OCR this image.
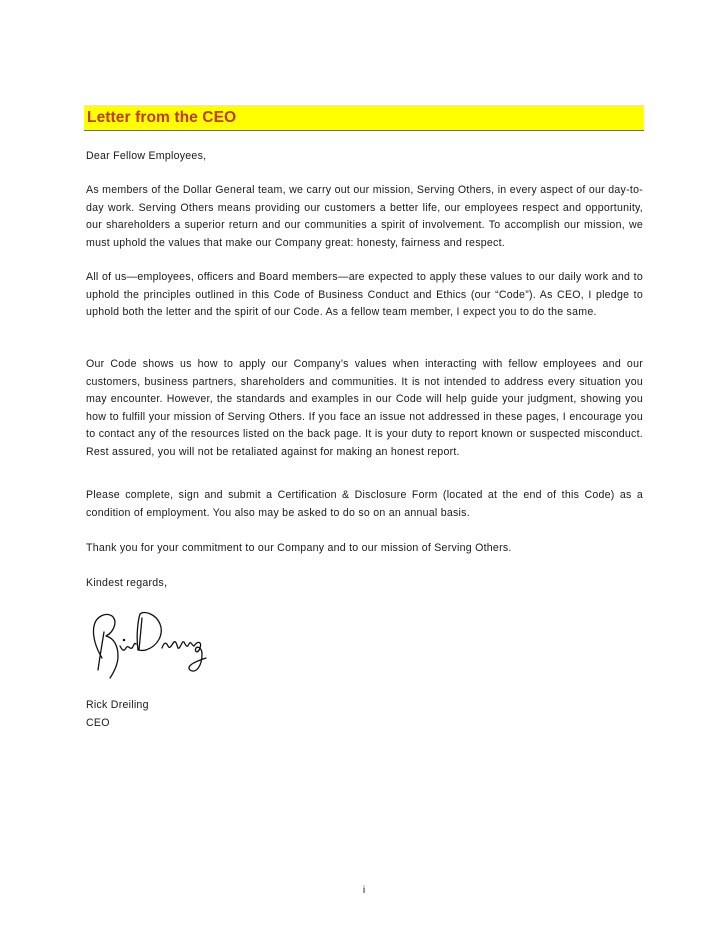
Letter from the CEO
Dear Fellow Employees,
As members of the Dollar General team, we carry out our mission, Serving Others, in every aspect of our day-to-day work. Serving Others means providing our customers a better life, our employees respect and opportunity, our shareholders a superior return and our communities a spirit of involvement. To accomplish our mission, we must uphold the values that make our Company great: honesty, fairness and respect.
All of us—employees, officers and Board members—are expected to apply these values to our daily work and to uphold the principles outlined in this Code of Business Conduct and Ethics (our “Code”). As CEO, I pledge to uphold both the letter and the spirit of our Code. As a fellow team member, I expect you to do the same.
Our Code shows us how to apply our Company’s values when interacting with fellow employees and our customers, business partners, shareholders and communities. It is not intended to address every situation you may encounter. However, the standards and examples in our Code will help guide your judgment, showing you how to fulfill your mission of Serving Others. If you face an issue not addressed in these pages, I encourage you to contact any of the resources listed on the back page. It is your duty to report known or suspected misconduct. Rest assured, you will not be retaliated against for making an honest report.
Please complete, sign and submit a Certification & Disclosure Form (located at the end of this Code) as a condition of employment. You also may be asked to do so on an annual basis.
Thank you for your commitment to our Company and to our mission of Serving Others.
Kindest regards,
Rick Dreiling
CEO
i
